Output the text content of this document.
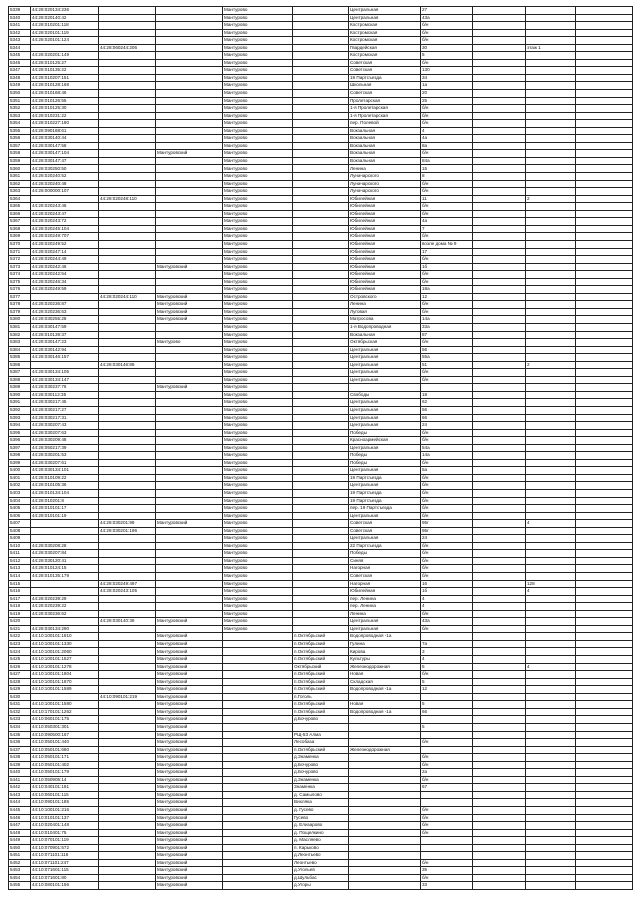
5339	44:28:020134:236			Мантурово		Центральная	27			
5340	44:28:020140:42			Мантурово		Центральная	43а			
5341	44:28:010201:118			Мантурово		Костромская	б/н			
5342	44:28:020101:119			Мантурово		Костромская	б/н			
5343	44:28:020101:124			Мантурово		Костромская	б/н			
5344		44:28:060244:206		Мантурово		Гвардейская	30		этаж 1	
5345	44:28:020201:149			Мантурово		Костромская	5			
5346	44:28:010125:27			Мантурово		Советская	б/н			
5347	44:28:010135:22			Мантурово		Советская	130			
5348	44:28:010207:151			Мантурово		19 Партсъезда	34			
5349	44:28:010128:168			Мантурово		Школьная	1а			
5350	44:28:010168:46			Мантурово		Советская	20			
5351	44:28:010126:55			Мантурово		Пролетарская	25			
5352	44:28:010125:30			Мантурово		1-я Пролетарская	б/н			
5353	44:28:010231:22			Мантурово		1-я Пролетарская	б/н			
5354	44:28:010227:180			Мантурово		пер. Полевой	б/н			
5355	44:28:090168:61			Мантурово		Вокзальная	4			
5356	44:28:030140:44			Мантурово		Вокзальная	4а			
5357	44:28:030147:58			Мантурово		Вокзальная	8а			
5358	44:28:030147:104		Мантуровский	Мантурово		Вокзальная	б/н			
5359	44:28:030147:47			Мантурово		Вокзальная	84а			
5360	44:28:030250:50			Мантурово		Ленина	15			
5361	44:28:020240:52			Мантурово		Луначарского	8			
5362	44:28:020240:48			Мантурово		Луначарского	б/н			
5363	44:28:000000:107			Мантурово		Луначарского	б/н			
5364		44:28:020248:110		Мантурово		Юбилейная	11		2	
5365	44:28:020243:46			Мантурово		Юбилейная	б/н			
5366	44:28:020243:47			Мантурово		Юбилейная	б/н			
5367	44:28:020243:72			Мантурово		Юбилейная	4а			
5368	44:28:020245:104			Мантурово		Юбилейная	7			
5369	44:28:020249:707			Мантурово		Юбилейная	б/н			
5370	44:28:020249:52			Мантурово		Юбилейная	возле дома № 9			
5371	44:28:020247:14			Мантурово		Юбилейная	17			
5372	44:28:020244:49			Мантурово		Юбилейная	б/н			
5373	44:28:020242:46		Мантуровский	Мантурово		Юбилейная	1б			
5374	44:28:020242:54			Мантурово		Юбилейная	б/н			
5375	44:28:020246:34			Мантурово		Юбилейная	б/н			
5376	44:28:020249:59			Мантурово		Юбилейная	18а			
5377		44:28:020244:110	Мантуровский	Мантурово		Островского	12			
5378	44:28:020236:87		Мантуровский	Мантурово		Ленина	б/н			
5379	44:28:020236:53		Мантуровский	Мантурово		Луговая	б/н			
5380	44:28:030255:28		Мантуровский	Мантурово		Матросова	14а			
5381	44:28:030147:59			Мантурово		1-я Водопроводная	33а			
5382	44:28:010139:37			Мантурово		Вокзальная	87			
5383	44:28:030147:23		Мантурово	Мантурово		Октябрьская	б/н			
5384	44:28:030142:94			Мантурово		Центральная	56			
5385	44:28:030146:157			Мантурово		Центральная	55а			
5386		44:28:030146:89		Мантурово		Центральная	51		2	
5387	44:28:030134:105			Мантурово		Центральная	б/н			
5388	44:28:030134:147			Мантурово		Центральная	б/н			
5389	44:28:030237:76		Мантуровский	Мантурово						
5390	44:28:030112:35			Мантурово		Свободы	18			
5391	44:28:030217:45			Мантурово		Центральная	62			
5392	44:28:030217:27			Мантурово		Центральная	56			
5393	44:28:030217:31			Мантурово		Центральная	66			
5394	44:28:030207:43			Мантурово		Центральная	24			
5395	44:28:030207:63			Мантурово		Победы	б/н			
5396	44:28:030209:48			Мантурово		Красноармейская	б/н			
5397	44:28:050217:39			Мантурово		Центральная	54а			
5398	44:28:030201:53			Мантурово		Победы	14а			
5399	44:28:030207:61			Мантурово		Победы	б/н			
5400	44:28:030134:101			Мантурово		Центральная	5а			
5401	44:28:010109:22			Мантурово		19 Партсъезда	б/н			
5402	44:28:010105:36			Мантурово		Центральная	б/н			
5403	44:28:010134:104			Мантурово		19 Партсъезда	б/н			
5404	44:28:010201:8			Мантурово		19 Партсъезда	б/н			
5405	44:28:010101:17			Мантурово		пер. 19 Партсъезда	б/н			
5406	44:28:010101:19			Мантурово		Центральная	б/н			
5407		44:28:030201:99	Мантуровский	Мантурово		Советская	95г		4	
5408		44:28:030201:196		Мантурово		Советская	95г			
5409				Мантурово		Центральная	24			
5410	44:28:030208:28			Мантурово		22 Партсъезда	б/н			
5411	44:28:030207:84			Мантурово		Победы	б/н			
5412	44:28:030120:41			Мантурово		Синяя	б/н			
5413	44:28:010124:15			Мантурово		Нагорная	б/н			
5414	44:28:010135:179			Мантурово		Советская	б/н			
5415		44:28:020249:497		Мантурово		Нагорная	16		128	
5416		44:28:020243:105		Мантурово		Юбилейная	1б		4	
5417	44:28:020239:29			Мантурово		пер. Ленина	4			
5418	44:28:020239:22			Мантурово		пер. Ленина	4			
5419	44:28:030236:62			Мантурово		Ленина	б/н			
5420		44:28:030140:36	Мантуровский	Мантурово		Центральная	43а			
5421	44:28:030134:290			Мантурово		Центральная	б/н			
5422	44:10:100101:1810		Мантуровский		п.Октябрьский	Водопроводная -1а				
5423	44:10:100101:1330		Мантуровский		п.Октябрьский	Гулина	7а			
5424	44:10:100101:2060		Мантуровский		п.Октябрьский	Кирова	3			
5425	44:10:100101:1527		Мантуровский		п.Октябрьский	Культуры	4			
5426	44:10:100101:1278		Мантуровский		Октябрьский	Железнодорожная	5		4	
5427	44:10:100101:1804		Мантуровский		п.Октябрьский	Новая	б/н			
5428	44:10:100101:1870		Мантуровский		п.Октябрьский	Складская	5			
5429	44:10:100101:1589		Мантуровский		п.Октябрьский	Водопроводная -1а	12			
5430		44:10:090101:219	Мантуровский		п.Гоголь					
5431	44:10:100101:1580		Мантуровский		п.Октябрьский	Новая	5			
5432	44:10:170101:1262		Мантуровский		п.Октябрьский	Водопроводная -1а	66			
5433	44:10:060101:175		Мантуровский		д.Бочурово					
5434	44:10:050301:301		Мантуровский				5			
5435	44:10:090500:167		Мантуровский		РЩ-53 Алма					
5436	44:10:050101:440		Мантуровский		Лесобаза		б/н			
5437	44:10:050101:680		Мантуровский		п.Октябрьский	Железнодорожная				
5438	44:10:050101:171		Мантуровский		д.Знаменка		б/н			
5439	44:10:050101:402		Мантуровский		д.Бочурово		б/н			
5440	44:10:050101:179		Мантуровский		д.Бочурово		2а			
5441	44:10:050905:14		Мантуровский		д.Знаменка		б/н			
5442	44:10:040101:181		Мантуровский		Знаменка		67			
5443	44:10:060101:115		Мантуровский		д. Самылово					
5444	44:10:090101:185		Мантуровский		Вихляка					
5445	44:10:100101:216		Мантуровский		д. Гусево		б/н			
5446	44:10:010101:137		Мантуровский		Гусево		б/н			
5447	44:10:020401:148		Мантуровский		д. Елизарово		б/н			
5448	44:10:010401:75		Мантуровский		д. Пощелкино		б/н			
5449	44:10:070101:119		Мантуровский		д. Масляево					
5450	44:10:070901:572		Мантуровский		п. Карьково					
5451	44:10:071101:116		Мантуровский		д.Леонтьево					
5452	44:10:071101:247		Мантуровский		Леонтьево		б/н			
5453	44:10:071601:115		Мантуровский		д.Угольев		35			
5454	44:10:071601:80		Мантуровский		д.Шульбас		б/н			
5455	44:10:080101:156		Мантуровский		д.Угоры		33			
